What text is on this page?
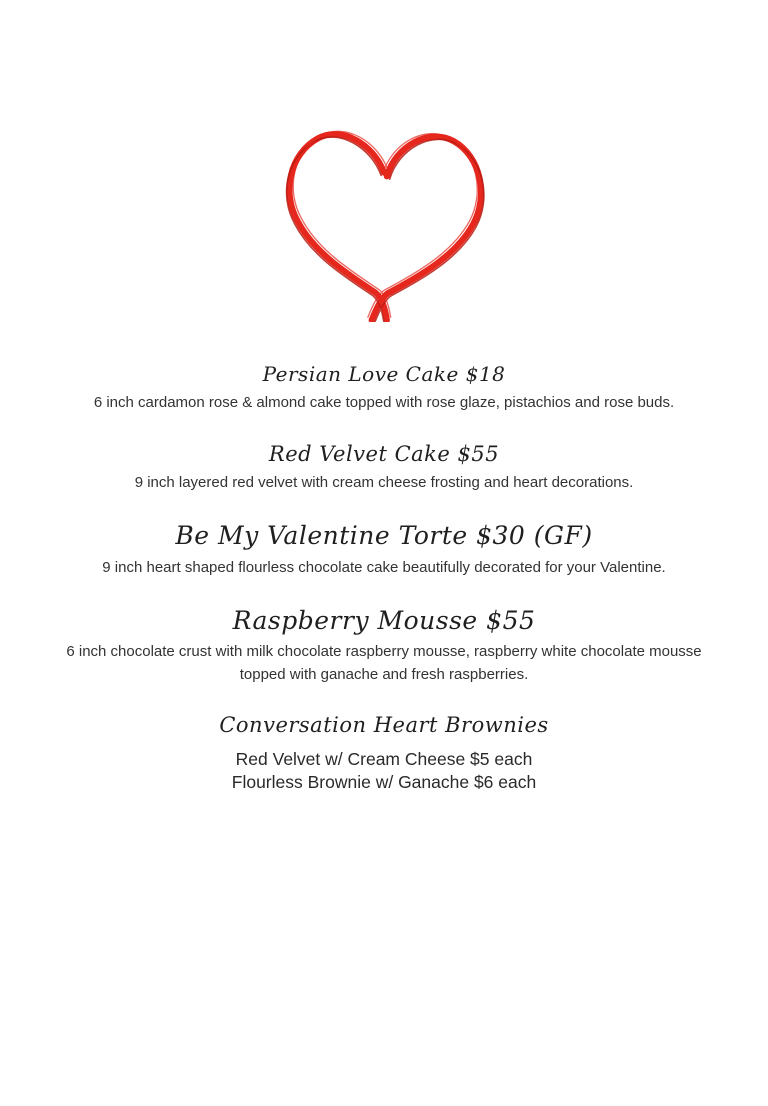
Persian Love Cake $18

6 inch cardamon rose & almond cake topped with rose glaze, pistachios and rose buds.

Red Velvet Cake $55

9 inch layered red velvet with cream cheese frosting and heart decorations.

Be My Valentine Torte $30 (GF)

9 inch heart shaped flourless chocolate cake beautifully decorated for your Valentine.

Raspberry Mousse $55

6 inch chocolate crust with milk chocolate raspberry mousse, raspberry white chocolate mousse topped with ganache and fresh raspberries.

Conversation Heart Brownies

Red Velvet w/ Cream Cheese $5 each

Flourless Brownie w/ Ganache $6 each
